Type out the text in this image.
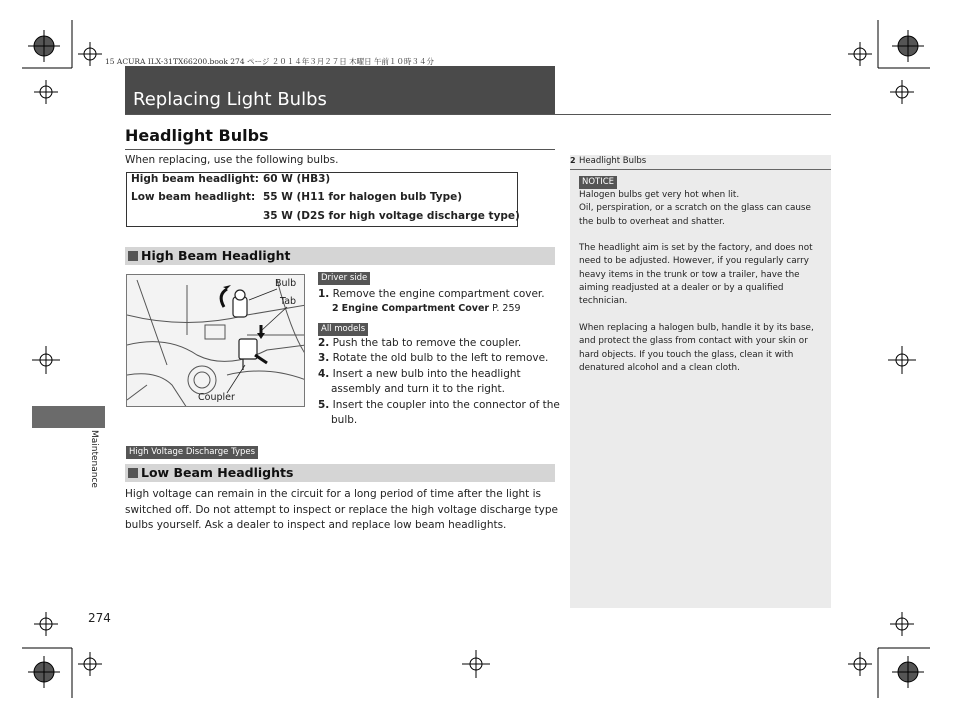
15 ACURA ILX-31TX66200.book 274 ページ ２０１４年３月２７日 木曜日 午前１０時３４分
Replacing Light Bulbs
Maintenance
Headlight Bulbs
When replacing, use the following bulbs.
High beam headlight: 60 W (HB3)
Low beam headlight: 55 W (H11 for halogen bulb Type)
35 W (D2S for high voltage discharge type)
High Beam Headlight
Bulb
Tab
Coupler
Driver side
1. Remove the engine compartment cover.
2 Engine Compartment Cover P. 259
All models
2. Push the tab to remove the coupler.
3. Rotate the old bulb to the left to remove.
4. Insert a new bulb into the headlight
assembly and turn it to the right.
5. Insert the coupler into the connector of the
bulb.
High Voltage Discharge Types
Low Beam Headlights
High voltage can remain in the circuit for a long period of time after the light is
switched off. Do not attempt to inspect or replace the high voltage discharge type
bulbs yourself. Ask a dealer to inspect and replace low beam headlights.
2 Headlight Bulbs
NOTICE
Halogen bulbs get very hot when lit.
Oil, perspiration, or a scratch on the glass can cause
the bulb to overheat and shatter.
The headlight aim is set by the factory, and does not
need to be adjusted. However, if you regularly carry
heavy items in the trunk or tow a trailer, have the
aiming readjusted at a dealer or by a qualified
technician.
When replacing a halogen bulb, handle it by its base,
and protect the glass from contact with your skin or
hard objects. If you touch the glass, clean it with
denatured alcohol and a clean cloth.
274
